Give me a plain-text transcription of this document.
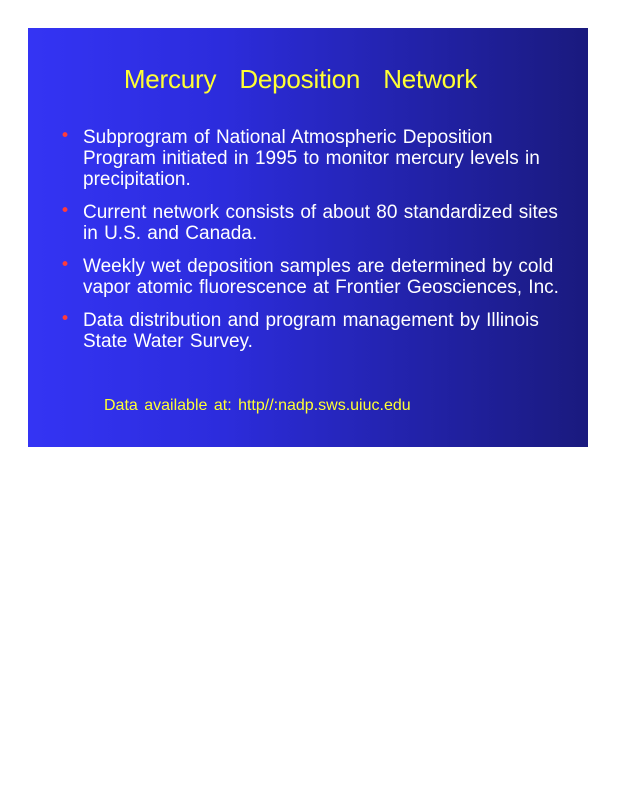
Mercury Deposition Network
• Subprogram of National Atmospheric Deposition Program initiated in 1995 to monitor mercury levels in precipitation.
• Current network consists of about 80 standardized sites in U.S. and Canada.
• Weekly wet deposition samples are determined by cold vapor atomic fluorescence at Frontier Geosciences, Inc.
• Data distribution and program management by Illinois State Water Survey.

Data available at: http//:nadp.sws.uiuc.edu
